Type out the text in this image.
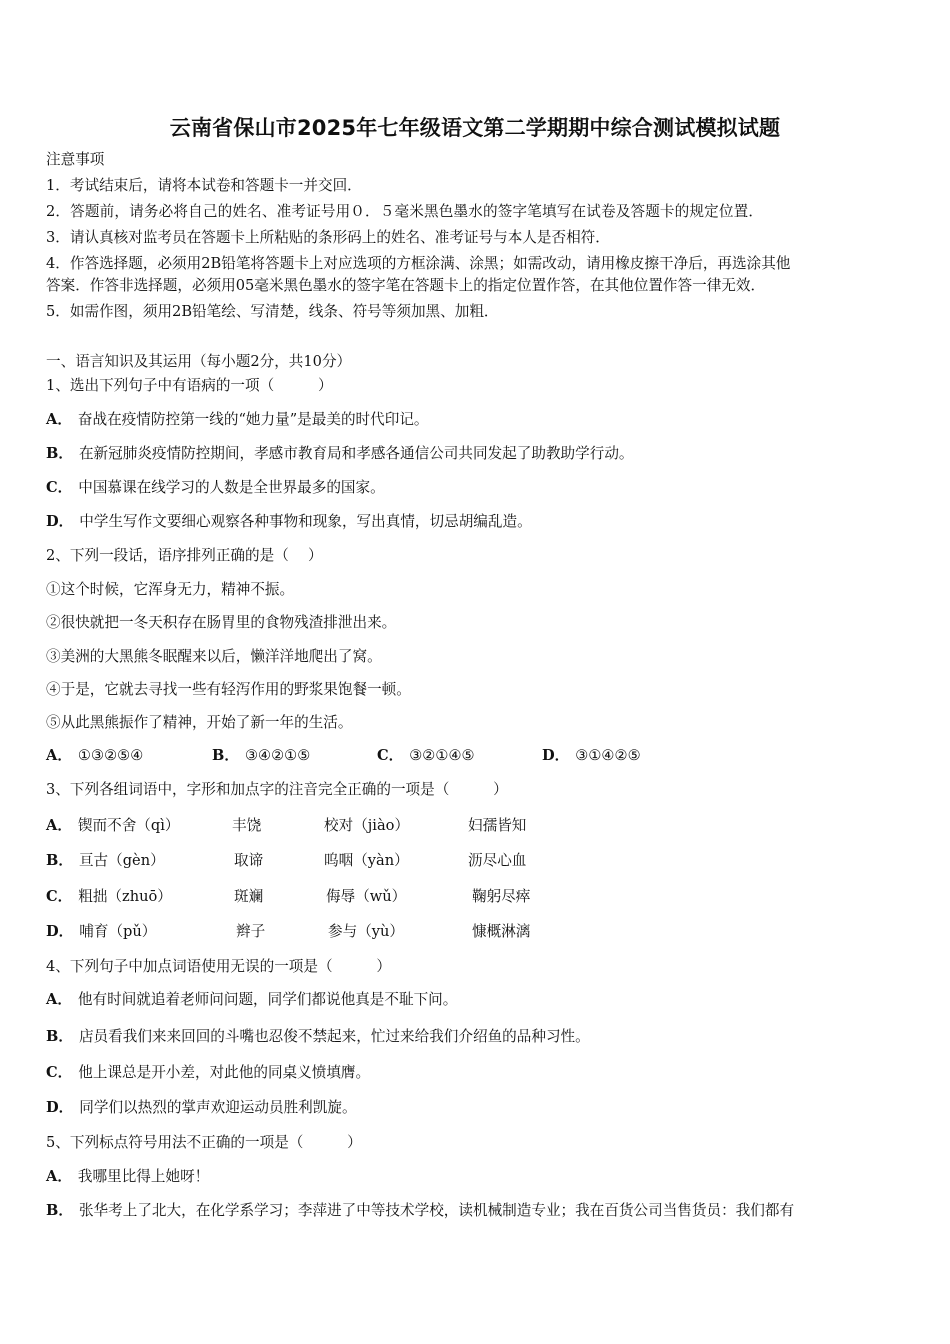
云南省保山市2025年七年级语文第二学期期中综合测试模拟试题
注意事项
1．考试结束后，请将本试卷和答题卡一并交回．
2．答题前，请务必将自己的姓名、准考证号用０．５毫米黑色墨水的签字笔填写在试卷及答题卡的规定位置．
3．请认真核对监考员在答题卡上所粘贴的条形码上的姓名、准考证号与本人是否相符．
4．作答选择题，必须用2B铅笔将答题卡上对应选项的方框涂满、涂黑；如需改动，请用橡皮擦干净后，再选涂其他
答案．作答非选择题，必须用05毫米黑色墨水的签字笔在答题卡上的指定位置作答，在其他位置作答一律无效．
5．如需作图，须用2B铅笔绘、写清楚，线条、符号等须加黑、加粗．
一、语言知识及其运用（每小题2分，共10分）
1、选出下列句子中有语病的一项（　　　）
A． 奋战在疫情防控第一线的“她力量”是最美的时代印记。
B． 在新冠肺炎疫情防控期间，孝感市教育局和孝感各通信公司共同发起了助教助学行动。
C． 中国慕课在线学习的人数是全世界最多的国家。
D． 中学生写作文要细心观察各种事物和现象，写出真情，切忌胡编乱造。
2、下列一段话，语序排列正确的是（　 ）
①这个时候，它浑身无力，精神不振。
②很快就把一冬天积存在肠胃里的食物残渣排泄出来。
③美洲的大黑熊冬眠醒来以后，懒洋洋地爬出了窝。
④于是，它就去寻找一些有轻泻作用的野浆果饱餐一顿。
⑤从此黑熊振作了精神，开始了新一年的生活。
A． ①③②⑤④	B． ③④②①⑤	C． ③②①④⑤	D． ③①④②⑤
3、下列各组词语中，字形和加点字的注音完全正确的一项是（　　　）
A． 锲而不舍（qì）	丰饶	校对（jiào）	妇孺皆知
B． 亘古（gèn）	取谛	呜咽（yàn）	沥尽心血
C． 粗拙（zhuō）	斑斓	侮辱（wǔ）	鞠躬尽瘁
D． 哺育（pǔ）	辫子	参与（yù）	慷概淋漓
4、下列句子中加点词语使用无误的一项是（　　　）
A． 他有时间就追着老师问问题，同学们都说他真是不耻下问。
B． 店员看我们来来回回的斗嘴也忍俊不禁起来，忙过来给我们介绍鱼的品种习性。
C． 他上课总是开小差，对此他的同桌义愤填膺。
D． 同学们以热烈的掌声欢迎运动员胜利凯旋。
5、下列标点符号用法不正确的一项是（　　　）
A． 我哪里比得上她呀！
B． 张华考上了北大，在化学系学习；李萍进了中等技术学校，读机械制造专业；我在百货公司当售货员：我们都有
